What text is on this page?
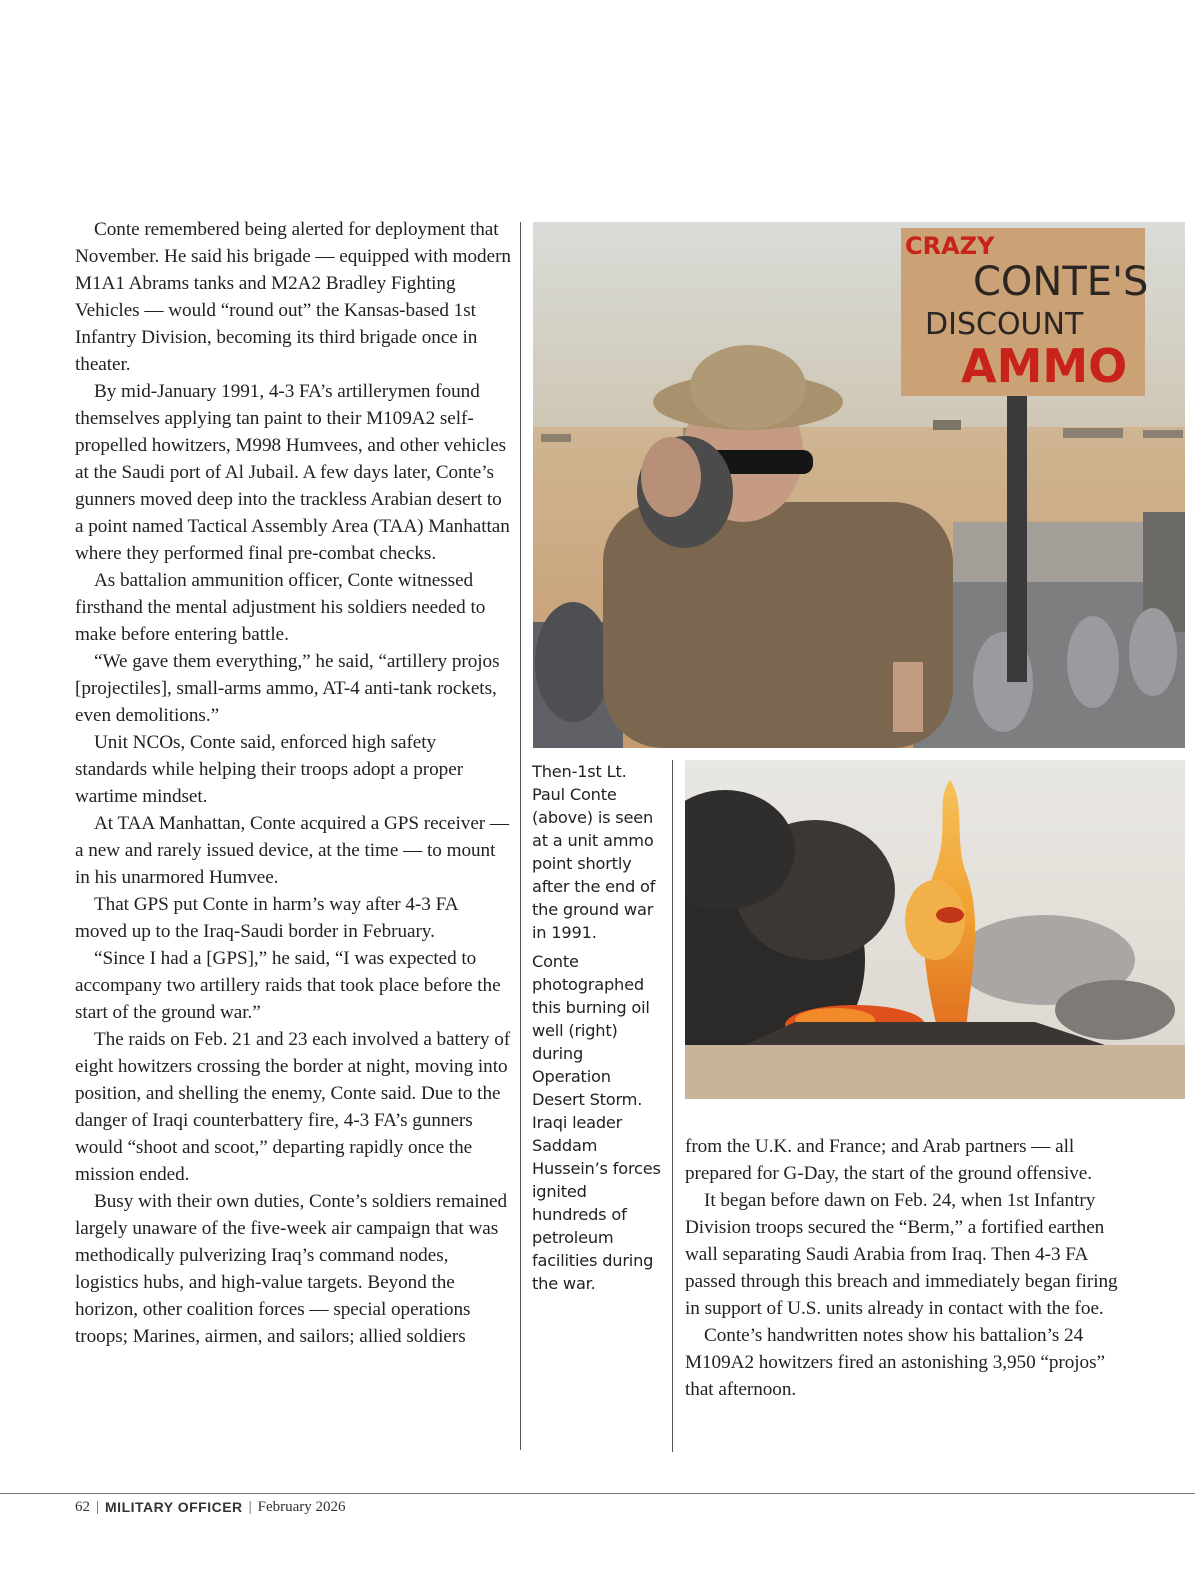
Conte remembered being alerted for deployment that November. He said his brigade — equipped with modern M1A1 Abrams tanks and M2A2 Bradley Fighting Vehicles — would “round out” the Kansas-based 1st Infantry Division, becoming its third brigade once in theater.

By mid-January 1991, 4-3 FA’s artillerymen found themselves applying tan paint to their M109A2 self-propelled howitzers, M998 Humvees, and other vehicles at the Saudi port of Al Jubail. A few days later, Conte’s gunners moved deep into the trackless Arabian desert to a point named Tactical Assembly Area (TAA) Manhattan where they performed final pre-combat checks.

As battalion ammunition officer, Conte witnessed firsthand the mental adjustment his soldiers needed to make before entering battle.

“We gave them everything,” he said, “artillery projos [projectiles], small-arms ammo, AT-4 anti-tank rockets, even demolitions.”

Unit NCOs, Conte said, enforced high safety standards while helping their troops adopt a proper wartime mindset.

At TAA Manhattan, Conte acquired a GPS receiver — a new and rarely issued device, at the time — to mount in his unarmored Humvee.

That GPS put Conte in harm’s way after 4-3 FA moved up to the Iraq-Saudi border in February.

“Since I had a [GPS],” he said, “I was expected to accompany two artillery raids that took place before the start of the ground war.”

The raids on Feb. 21 and 23 each involved a battery of eight howitzers crossing the border at night, moving into position, and shelling the enemy, Conte said. Due to the danger of Iraqi counterbattery fire, 4-3 FA’s gunners would “shoot and scoot,” departing rapidly once the mission ended.

Busy with their own duties, Conte’s soldiers remained largely unaware of the five-week air campaign that was methodically pulverizing Iraq’s command nodes, logistics hubs, and high-value targets. Beyond the horizon, other coalition forces — special operations troops; Marines, airmen, and sailors; allied soldiers

CRAZY
CONTE'S
DISCOUNT
AMMO

Then-1st Lt. Paul Conte (above) is seen at a unit ammo point shortly after the end of the ground war in 1991.

Conte photographed this burning oil well (right) during Operation Desert Storm. Iraqi leader Saddam Hussein’s forces ignited hundreds of petroleum facilities during the war.

from the U.K. and France; and Arab partners — all prepared for G-Day, the start of the ground offensive.

It began before dawn on Feb. 24, when 1st Infantry Division troops secured the “Berm,” a fortified earthen wall separating Saudi Arabia from Iraq. Then 4-3 FA passed through this breach and immediately began firing in support of U.S. units already in contact with the foe.

Conte’s handwritten notes show his battalion’s 24 M109A2 howitzers fired an astonishing 3,950 “projos” that afternoon.

62 | MILITARY OFFICER | February 2026
